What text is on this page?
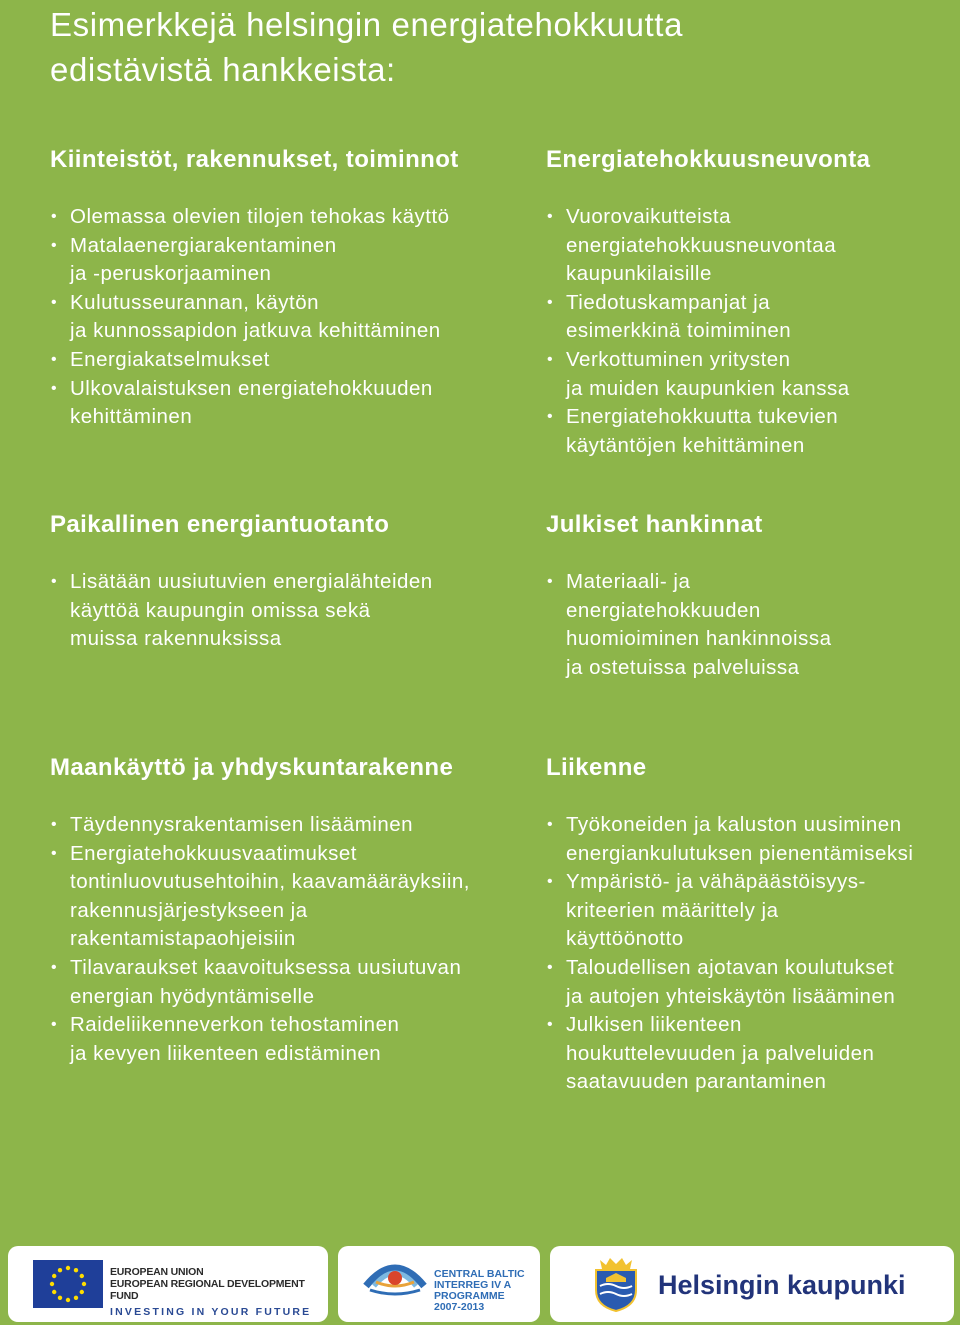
Esimerkkejä helsingin energiatehokkuutta
edistävistä hankkeista:
Kiinteistöt, rakennukset, toiminnot
• Olemassa olevien tilojen tehokas käyttö
• Matalaenergiarakentaminen
ja -peruskorjaaminen
• Kulutusseurannan, käytön
ja kunnossapidon jatkuva kehittäminen
• Energiakatselmukset
• Ulkovalaistuksen energiatehokkuuden
kehittäminen
Energiatehokkuusneuvonta
• Vuorovaikutteista
energiatehokkuusneuvontaa
kaupunkilaisille
• Tiedotuskampanjat ja
esimerkkinä toimiminen
• Verkottuminen yritysten
ja muiden kaupunkien kanssa
• Energiatehokkuutta tukevien
käytäntöjen kehittäminen
Paikallinen energiantuotanto
• Lisätään uusiutuvien energialähteiden
käyttöä kaupungin omissa sekä
muissa rakennuksissa
Julkiset hankinnat
• Materiaali- ja
energiatehokkuuden
huomioiminen hankinnoissa
ja ostetuissa palveluissa
Maankäyttö ja yhdyskuntarakenne
• Täydennysrakentamisen lisääminen
• Energiatehokkuusvaatimukset
tontinluovutusehtoihin, kaavamääräyksiin,
rakennusjärjestykseen ja
rakentamistapaohjeisiin
• Tilavaraukset kaavoituksessa uusiutuvan
energian hyödyntämiselle
• Raideliikenneverkon tehostaminen
ja kevyen liikenteen edistäminen
Liikenne
• Työkoneiden ja kaluston uusiminen
energiankulutuksen pienentämiseksi
• Ympäristö- ja vähäpäästöisyys-
kriteerien määrittely ja
käyttöönotto
• Taloudellisen ajotavan koulutukset
ja autojen yhteiskäytön lisääminen
• Julkisen liikenteen
houkuttelevuuden ja palveluiden
saatavuuden parantaminen
EUROPEAN UNION
EUROPEAN REGIONAL DEVELOPMENT FUND
INVESTING IN YOUR FUTURE
CENTRAL BALTIC
INTERREG IV A
PROGRAMME
2007-2013
Helsingin kaupunki
